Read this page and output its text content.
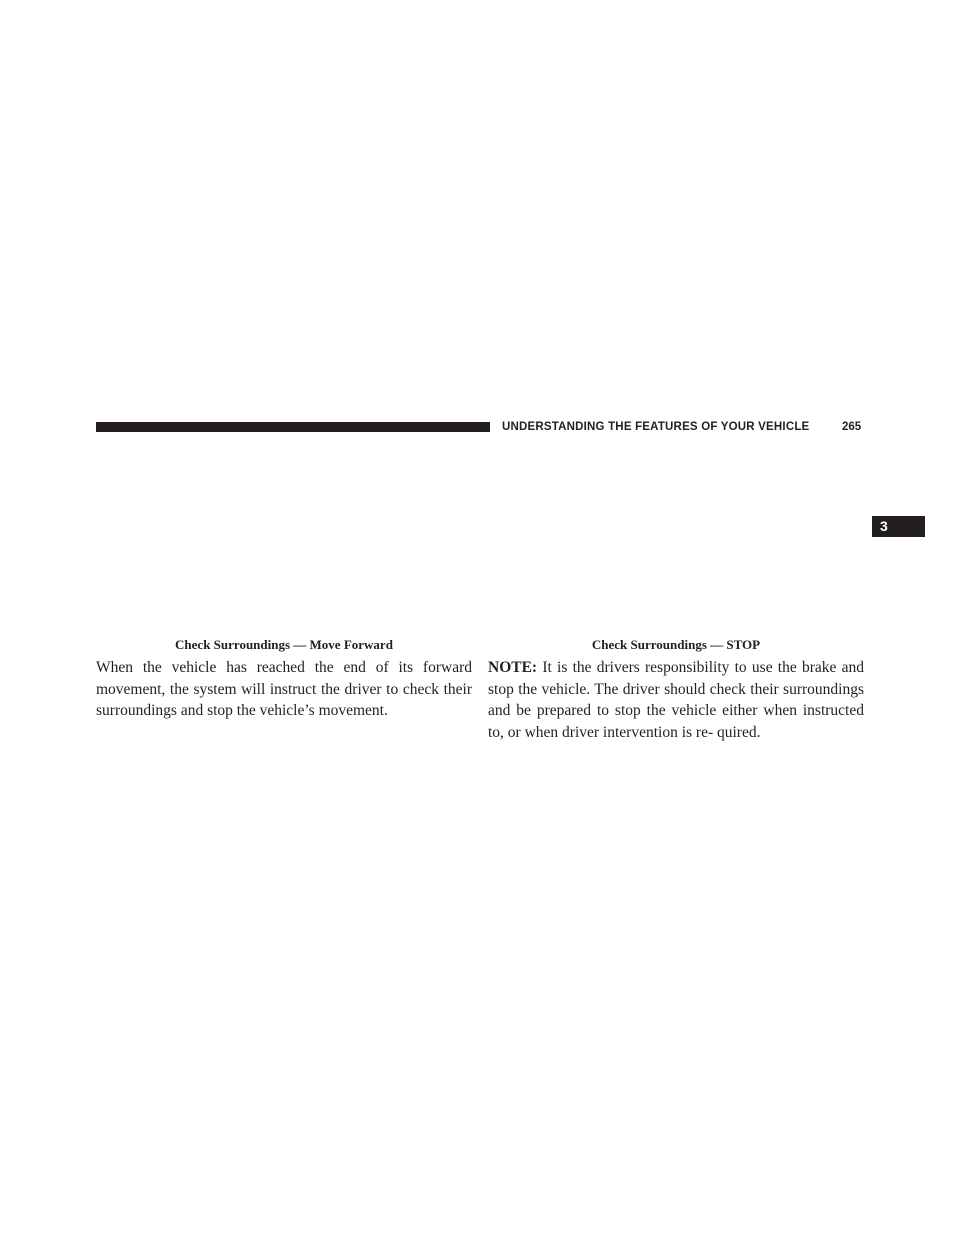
UNDERSTANDING THE FEATURES OF YOUR VEHICLE	265
3
Check Surroundings — Move Forward	Check Surroundings — STOP

When the vehicle has reached the end of its forward movement, the system will instruct the driver to check their surroundings and stop the vehicle’s movement.

NOTE: It is the drivers responsibility to use the brake and stop the vehicle. The driver should check their surroundings and be prepared to stop the vehicle either when instructed to, or when driver intervention is re- quired.
